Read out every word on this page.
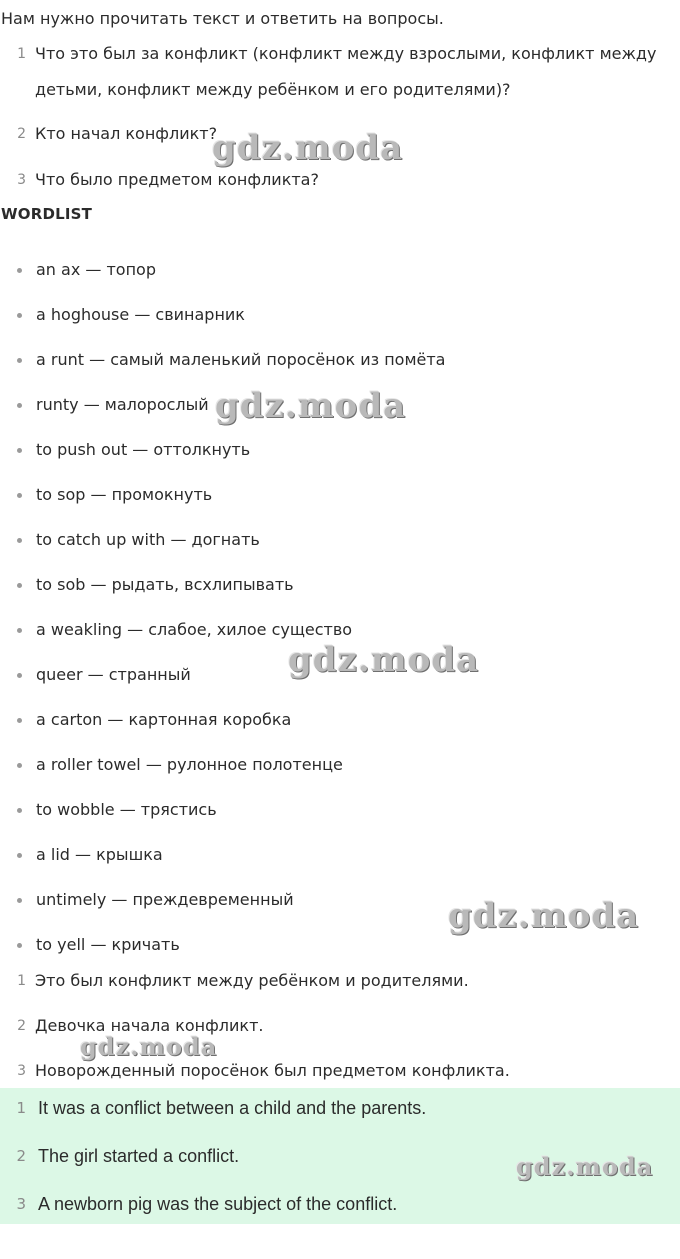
Нам нужно прочитать текст и ответить на вопросы.
1 Что это был за конфликт (конфликт между взрослыми, конфликт между детьми, конфликт между ребёнком и его родителями)?
2 Кто начал конфликт?
3 Что было предметом конфликта?
WORDLIST
an ax — топор
a hoghouse — свинарник
a runt — самый маленький поросёнок из помёта
runty — малорослый
to push out — оттолкнуть
to sop — промокнуть
to catch up with — догнать
to sob — рыдать, всхлипывать
a weakling — слабое, хилое существо
queer — странный
a carton — картонная коробка
a roller towel — рулонное полотенце
to wobble — трястись
a lid — крышка
untimely — преждевременный
to yell — кричать
1 Это был конфликт между ребёнком и родителями.
2 Девочка начала конфликт.
3 Новорожденный поросёнок был предметом конфликта.
1 It was a conflict between a child and the parents.
2 The girl started a conflict.
3 A newborn pig was the subject of the conflict.
gdz.moda
gdz.moda
gdz.moda
gdz.moda
gdz.moda
gdz.moda
